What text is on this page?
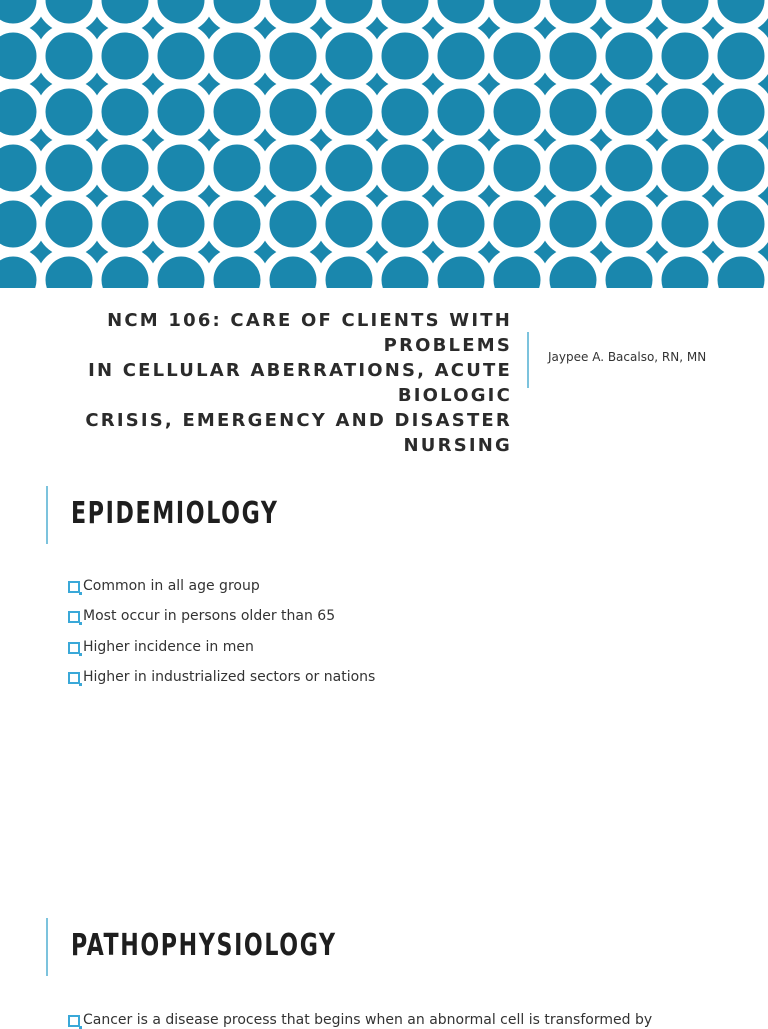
NCM 106: CARE OF CLIENTS WITH PROBLEMS
IN CELLULAR ABERRATIONS, ACUTE BIOLOGIC
CRISIS, EMERGENCY AND DISASTER NURSING
Jaypee A. Bacalso, RN, MN
EPIDEMIOLOGY
Common in all age group
Most occur in persons older than 65
Higher incidence in men
Higher in industrialized sectors or nations
PATHOPHYSIOLOGY
Cancer is a disease process that begins when an abnormal cell is transformed by
